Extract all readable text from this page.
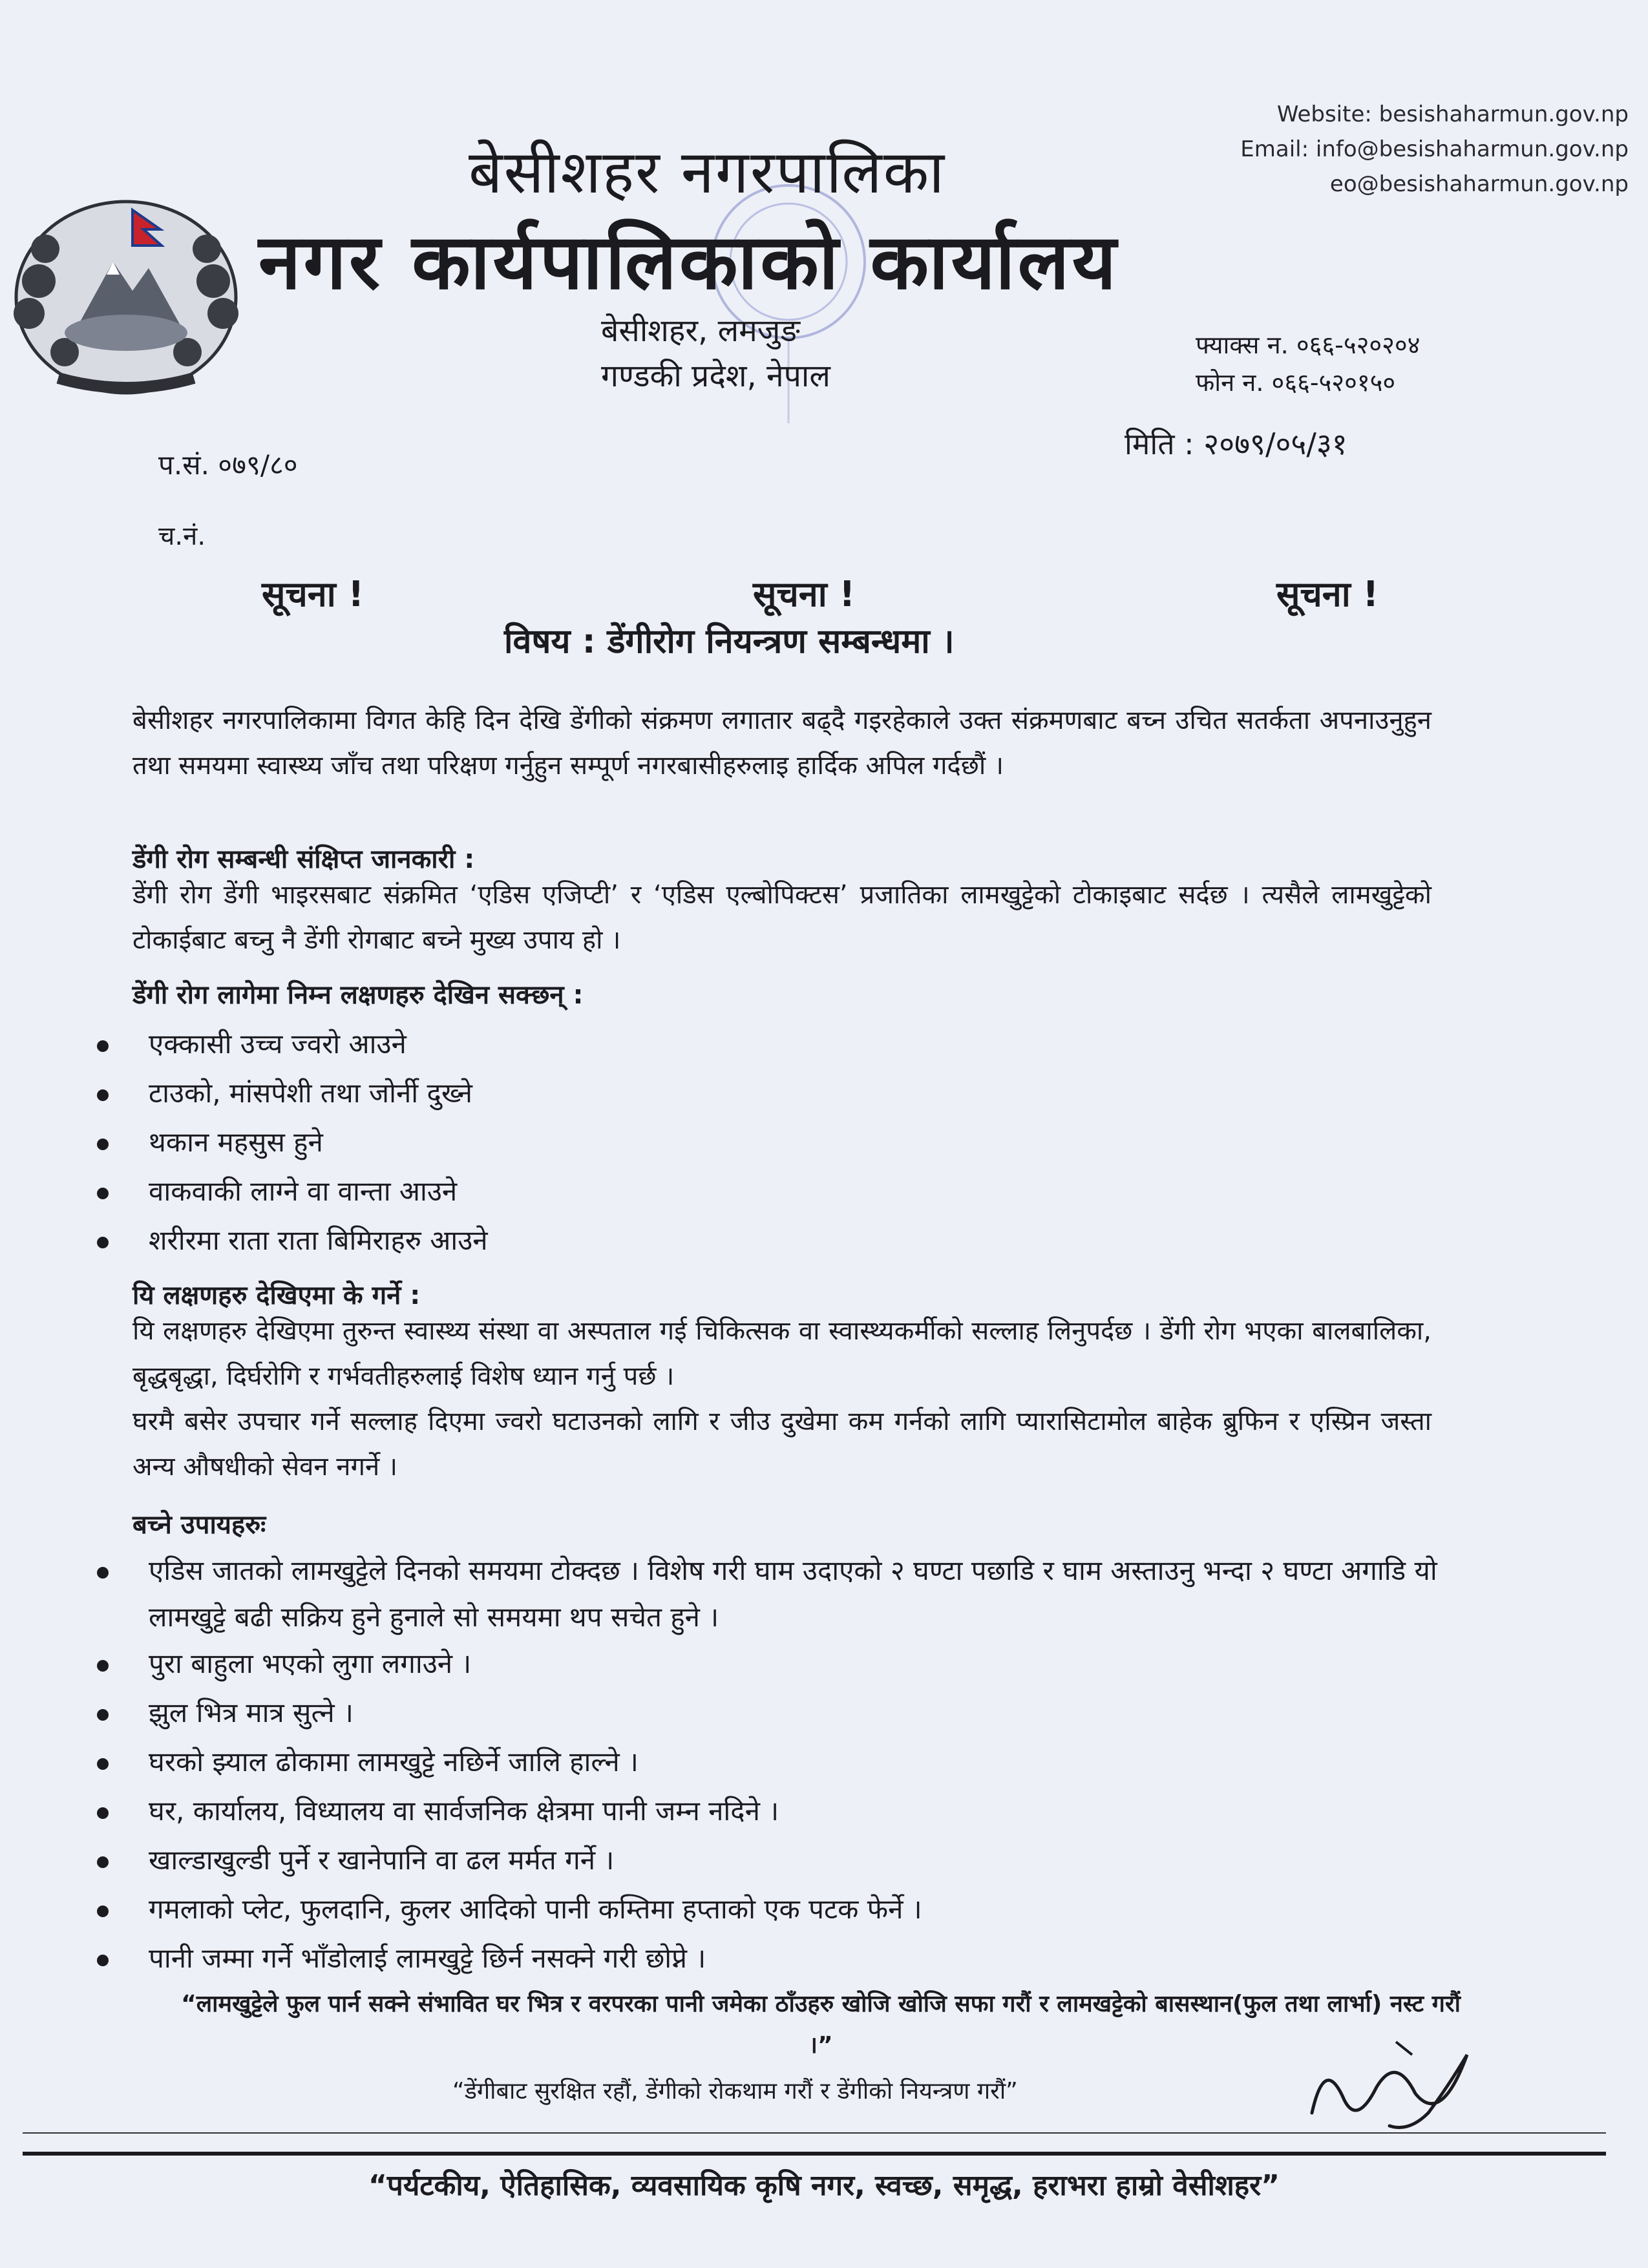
Website: besishaharmun.gov.np
Email: info@besishaharmun.gov.np
eo@besishaharmun.gov.np
बेसीशहर नगरपालिका
नगर कार्यपालिकाको कार्यालय
बेसीशहर, लमजुङ
गण्डकी प्रदेश, नेपाल
फ्याक्स न. ०६६-५२०२०४
फोन न. ०६६-५२०१५०
प.सं. ०७९/८०
मिति : २०७९/०५/३१
च.नं.
सूचना !	सूचना !	सूचना !
विषय : डेंगीरोग नियन्त्रण सम्बन्धमा ।
बेसीशहर नगरपालिकामा विगत केहि दिन देखि डेंगीको संक्रमण लगातार बढ्दै गइरहेकाले उक्त संक्रमणबाट बच्न उचित सतर्कता अपनाउनुहुन तथा समयमा स्वास्थ्य जाँच तथा परिक्षण गर्नुहुन सम्पूर्ण नगरबासीहरुलाइ हार्दिक अपिल गर्दछौं ।
डेंगी रोग सम्बन्धी संक्षिप्त जानकारी :
डेंगी रोग डेंगी भाइरसबाट संक्रमित ‘एडिस एजिप्टी’ र ‘एडिस एल्बोपिक्टस’ प्रजातिका लामखुट्टेको टोकाइबाट सर्दछ । त्यसैले लामखुट्टेको टोकाईबाट बच्नु नै डेंगी रोगबाट बच्ने मुख्य उपाय हो ।
डेंगी रोग लागेमा निम्न लक्षणहरु देखिन सक्छन् :
एक्कासी उच्च ज्वरो आउने
टाउको, मांसपेशी तथा जोर्नी दुख्ने
थकान महसुस हुने
वाकवाकी लाग्ने वा वान्ता आउने
शरीरमा राता राता बिमिराहरु आउने
यि लक्षणहरु देखिएमा के गर्ने :
यि लक्षणहरु देखिएमा तुरुन्त स्वास्थ्य संस्था वा अस्पताल गई चिकित्सक वा स्वास्थ्यकर्मीको सल्लाह लिनुपर्दछ । डेंगी रोग भएका बालबालिका, बृद्धबृद्धा, दिर्घरोगि र गर्भवतीहरुलाई विशेष ध्यान गर्नु पर्छ ।
घरमै बसेर उपचार गर्ने सल्लाह दिएमा ज्वरो घटाउनको लागि र जीउ दुखेमा कम गर्नको लागि प्यारासिटामोल बाहेक ब्रुफिन र एस्प्रिन जस्ता अन्य औषधीको सेवन नगर्ने ।
बच्ने उपायहरुः
एडिस जातको लामखुट्टेले दिनको समयमा टोक्दछ । विशेष गरी घाम उदाएको २ घण्टा पछाडि र घाम अस्ताउनु भन्दा २ घण्टा अगाडि यो लामखुट्टे बढी सक्रिय हुने हुनाले सो समयमा थप सचेत हुने ।
पुरा बाहुला भएको लुगा लगाउने ।
झुल भित्र मात्र सुत्ने ।
घरको झ्याल ढोकामा लामखुट्टे नछिर्ने जालि हाल्ने ।
घर, कार्यालय, विध्यालय वा सार्वजनिक क्षेत्रमा पानी जम्न नदिने ।
खाल्डाखुल्डी पुर्ने र खानेपानि वा ढल मर्मत गर्ने ।
गमलाको प्लेट, फुलदानि, कुलर आदिको पानी कम्तिमा हप्ताको एक पटक फेर्ने ।
पानी जम्मा गर्ने भाँडोलाई लामखुट्टे छिर्न नसक्ने गरी छोप्ने ।
“लामखुट्टेले फुल पार्न सक्ने संभावित घर भित्र र वरपरका पानी जमेका ठाँउहरु खोजि खोजि सफा गरौं र लामखट्टेको बासस्थान(फुल तथा लार्भा) नस्ट गरौं ।”
“डेंगीबाट सुरक्षित रहौं, डेंगीको रोकथाम गरौं र डेंगीको नियन्त्रण गरौं”
“पर्यटकीय, ऐतिहासिक, व्यवसायिक कृषि नगर, स्वच्छ, समृद्ध, हराभरा हाम्रो वेसीशहर”
